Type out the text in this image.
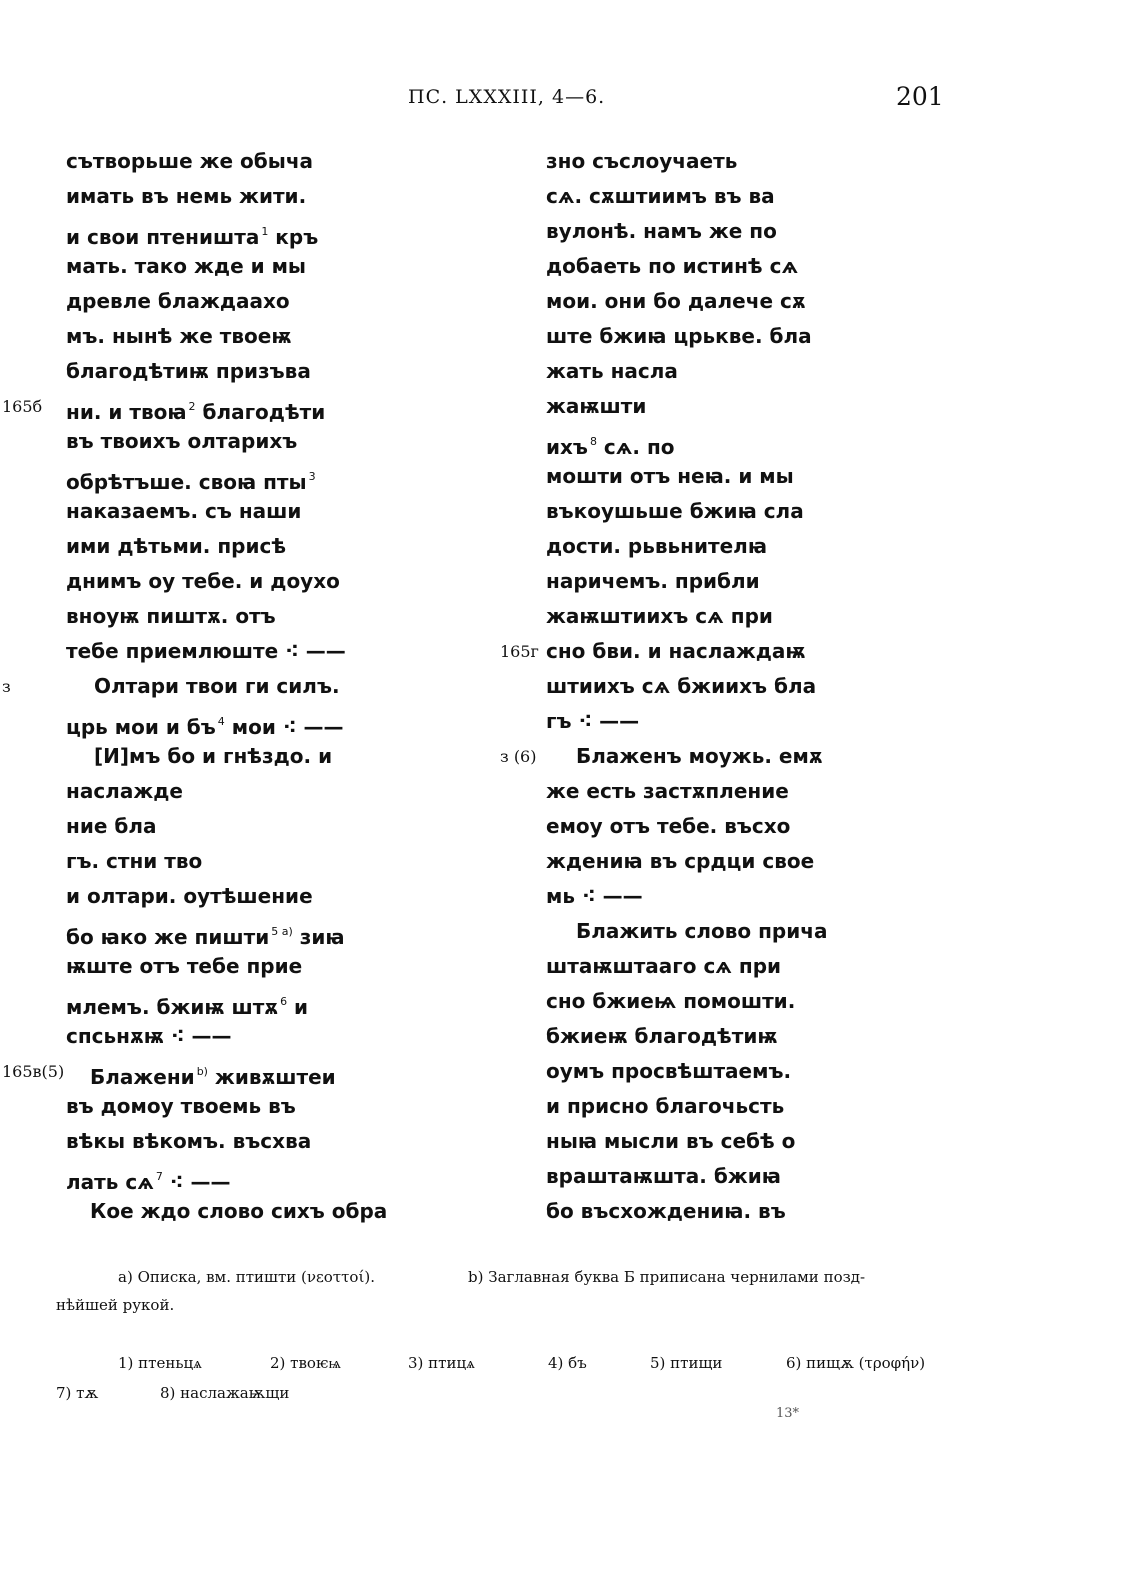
ПС. LXXXIII, 4—6.	201
сътворьше же обыча
имать въ немь жити.
и свои птеништа $^1$ кръ
мать. тако жде и мы
древле блаждаахо
мъ. нынѣ же твоеѭ
благодѣтиѭ призъва
165б ни. и твоꙗ $^2$ благодѣти
въ твоихъ олтарихъ
обрѣтъше. своꙗ пты $^3$
наказаемъ. съ наши
ими дѣтьми. присѣ
днимъ оу тебе. и доухо
вноуѭ пиштѫ. отъ
тебе приемлюште ⁖ ——
з	Олтари твои ги силъ.
црь мои и бъ $^4$ мои ⁖ ——
[И]мъ бо и гнѣздо. и
наслажде
ние бла
гъ. стни тво
и олтари. оутѣшение
бо ꙗко же пишти $^{5 a)}$ зиꙗ
ѭште отъ тебе прие
млемъ. бжиѭ штѫ $^6$ и
спсьнѫѭ ⁖ ——
165в(5) Блажени $^{b)}$ живѫштеи
въ домоу твоемь въ
вѣкы вѣкомъ. въсхва
лать сѧ $^7$ ⁖ ——
Кое ждо слово сихъ обра
зно съслоучаеть
сѧ. сѫштиимъ въ ва
вулонѣ. намъ же по
добаеть по истинѣ сѧ
мои. они бо далече сѫ
ште бжиꙗ црькве. бла
жать насла
жаѭшти
ихъ $^8$ сѧ. по
мошти отъ неꙗ. и мы
въкоушьше бжиꙗ сла
дости. рьвьнителꙗ
наричемъ. прибли
жаѭштиихъ сѧ при
165г сно бви. и наслаждаѭ
штиихъ сѧ бжиихъ бла
гъ ⁖ ——
з (6) Блаженъ моужь. емѫ
же есть застѫпление
емоу отъ тебе. въсхо
ждениꙗ въ срдци свое
мь ⁖ ——
Блажить слово прича
штаѭштааго сѧ при
сно бжиеѩ помошти.
бжиеѭ благодѣтиѭ
оумъ просвѣштаемъ.
и присно благочьсть
ныꙗ мысли въ себѣ о
враштаѭшта. бжиꙗ
бо въсхождениꙗ. въ
a) Описка, вм. птишти (νεοττοί).
нѣйшей рукой.
b) Заглавная буква Б приписана чернилами позд-
1) птеньцѧ	2) твоѥѩ	3) птицѧ	4) бъ	5) птищи	6) пищѫ (τροφήν)
7) тѫ	8) наслажаѭщи
13*
